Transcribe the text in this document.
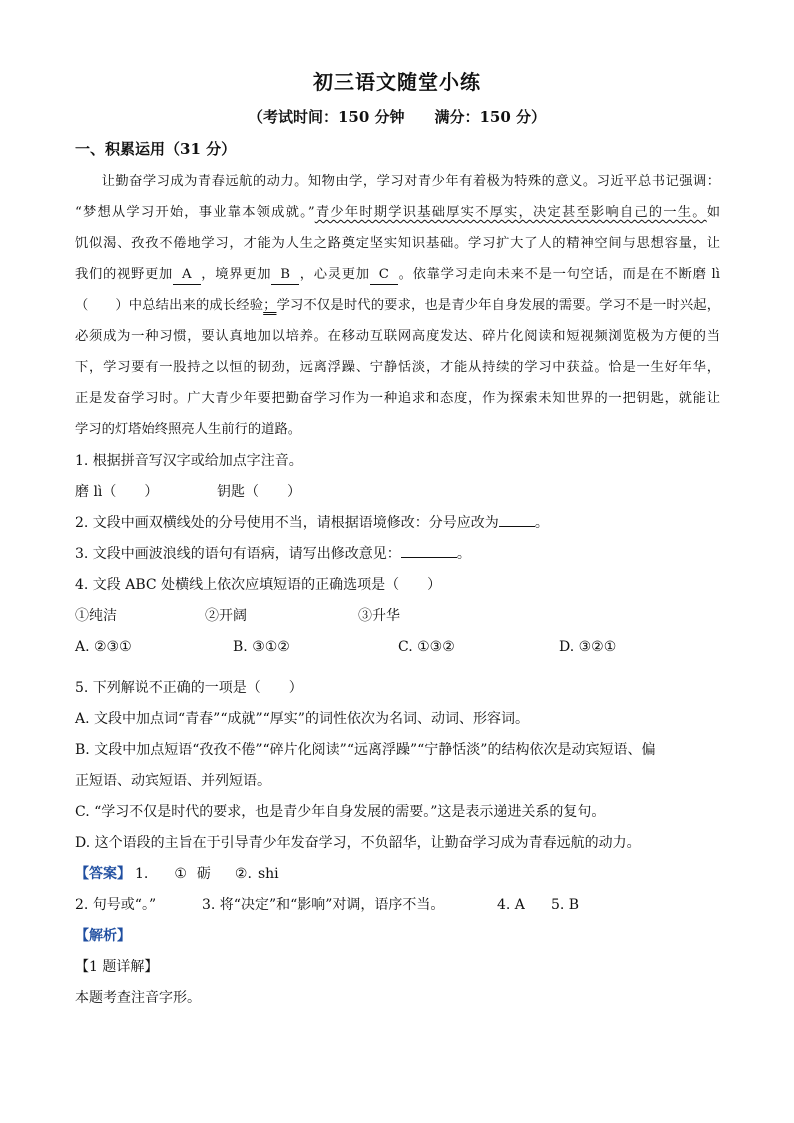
初三语文随堂小练
（考试时间：150 分钟 满分：150 分）
一、积累运用（31 分）
让勤奋学习成为青春远航的动力。知物由学，学习对青少年有着极为特殊的意义。习近平总书记强调：
“梦想从学习开始，事业靠本领成就。”青少年时期学识基础厚实不厚实，决定甚至影响自己的一生。如
饥似渴、孜孜不倦地学习，才能为人生之路奠定坚实知识基础。学习扩大了人的精神空间与思想容量，让
我们的视野更加 A ，境界更加 B ，心灵更加 C 。依靠学习走向未来不是一句空话，而是在不断磨 lì
（　　）中总结出来的成长经验；学习不仅是时代的要求，也是青少年自身发展的需要。学习不是一时兴起，
必须成为一种习惯，要认真地加以培养。在移动互联网高度发达、碎片化阅读和短视频浏览极为方便的当
下，学习要有一股持之以恒的韧劲，远离浮躁、宁静恬淡，才能从持续的学习中获益。恰是一生好年华，
正是发奋学习时。广大青少年要把勤奋学习作为一种追求和态度，作为探索未知世界的一把钥匙，就能让
学习的灯塔始终照亮人生前行的道路。
1. 根据拼音写汉字或给加点字注音。
磨 lì（　　）	钥匙（　　）
2. 文段中画双横线处的分号使用不当，请根据语境修改：分号应改为	。
3. 文段中画波浪线的语句有语病，请写出修改意见：	。
4. 文段 ABC 处横线上依次应填短语的正确选项是（　　）
①纯洁	②开阔	③升华
A. ②③①	B. ③①②	C. ①③②	D. ③②①
5. 下列解说不正确的一项是（　　）
A. 文段中加点词“青春”“成就”“厚实”的词性依次为名词、动词、形容词。
B. 文段中加点短语“孜孜不倦”“碎片化阅读”“远离浮躁”“宁静恬淡”的结构依次是动宾短语、偏
正短语、动宾短语、并列短语。
C. “学习不仅是时代的要求，也是青少年自身发展的需要。”这是表示递进关系的复句。
D. 这个语段的主旨在于引导青少年发奋学习，不负韶华，让勤奋学习成为青春远航的动力。
【答案】 1. ① 砺 ②. shi
2. 句号或“。”	3. 将“决定”和“影响”对调，语序不当。	4. A 5. B
【解析】
【1 题详解】
本题考查注音字形。
